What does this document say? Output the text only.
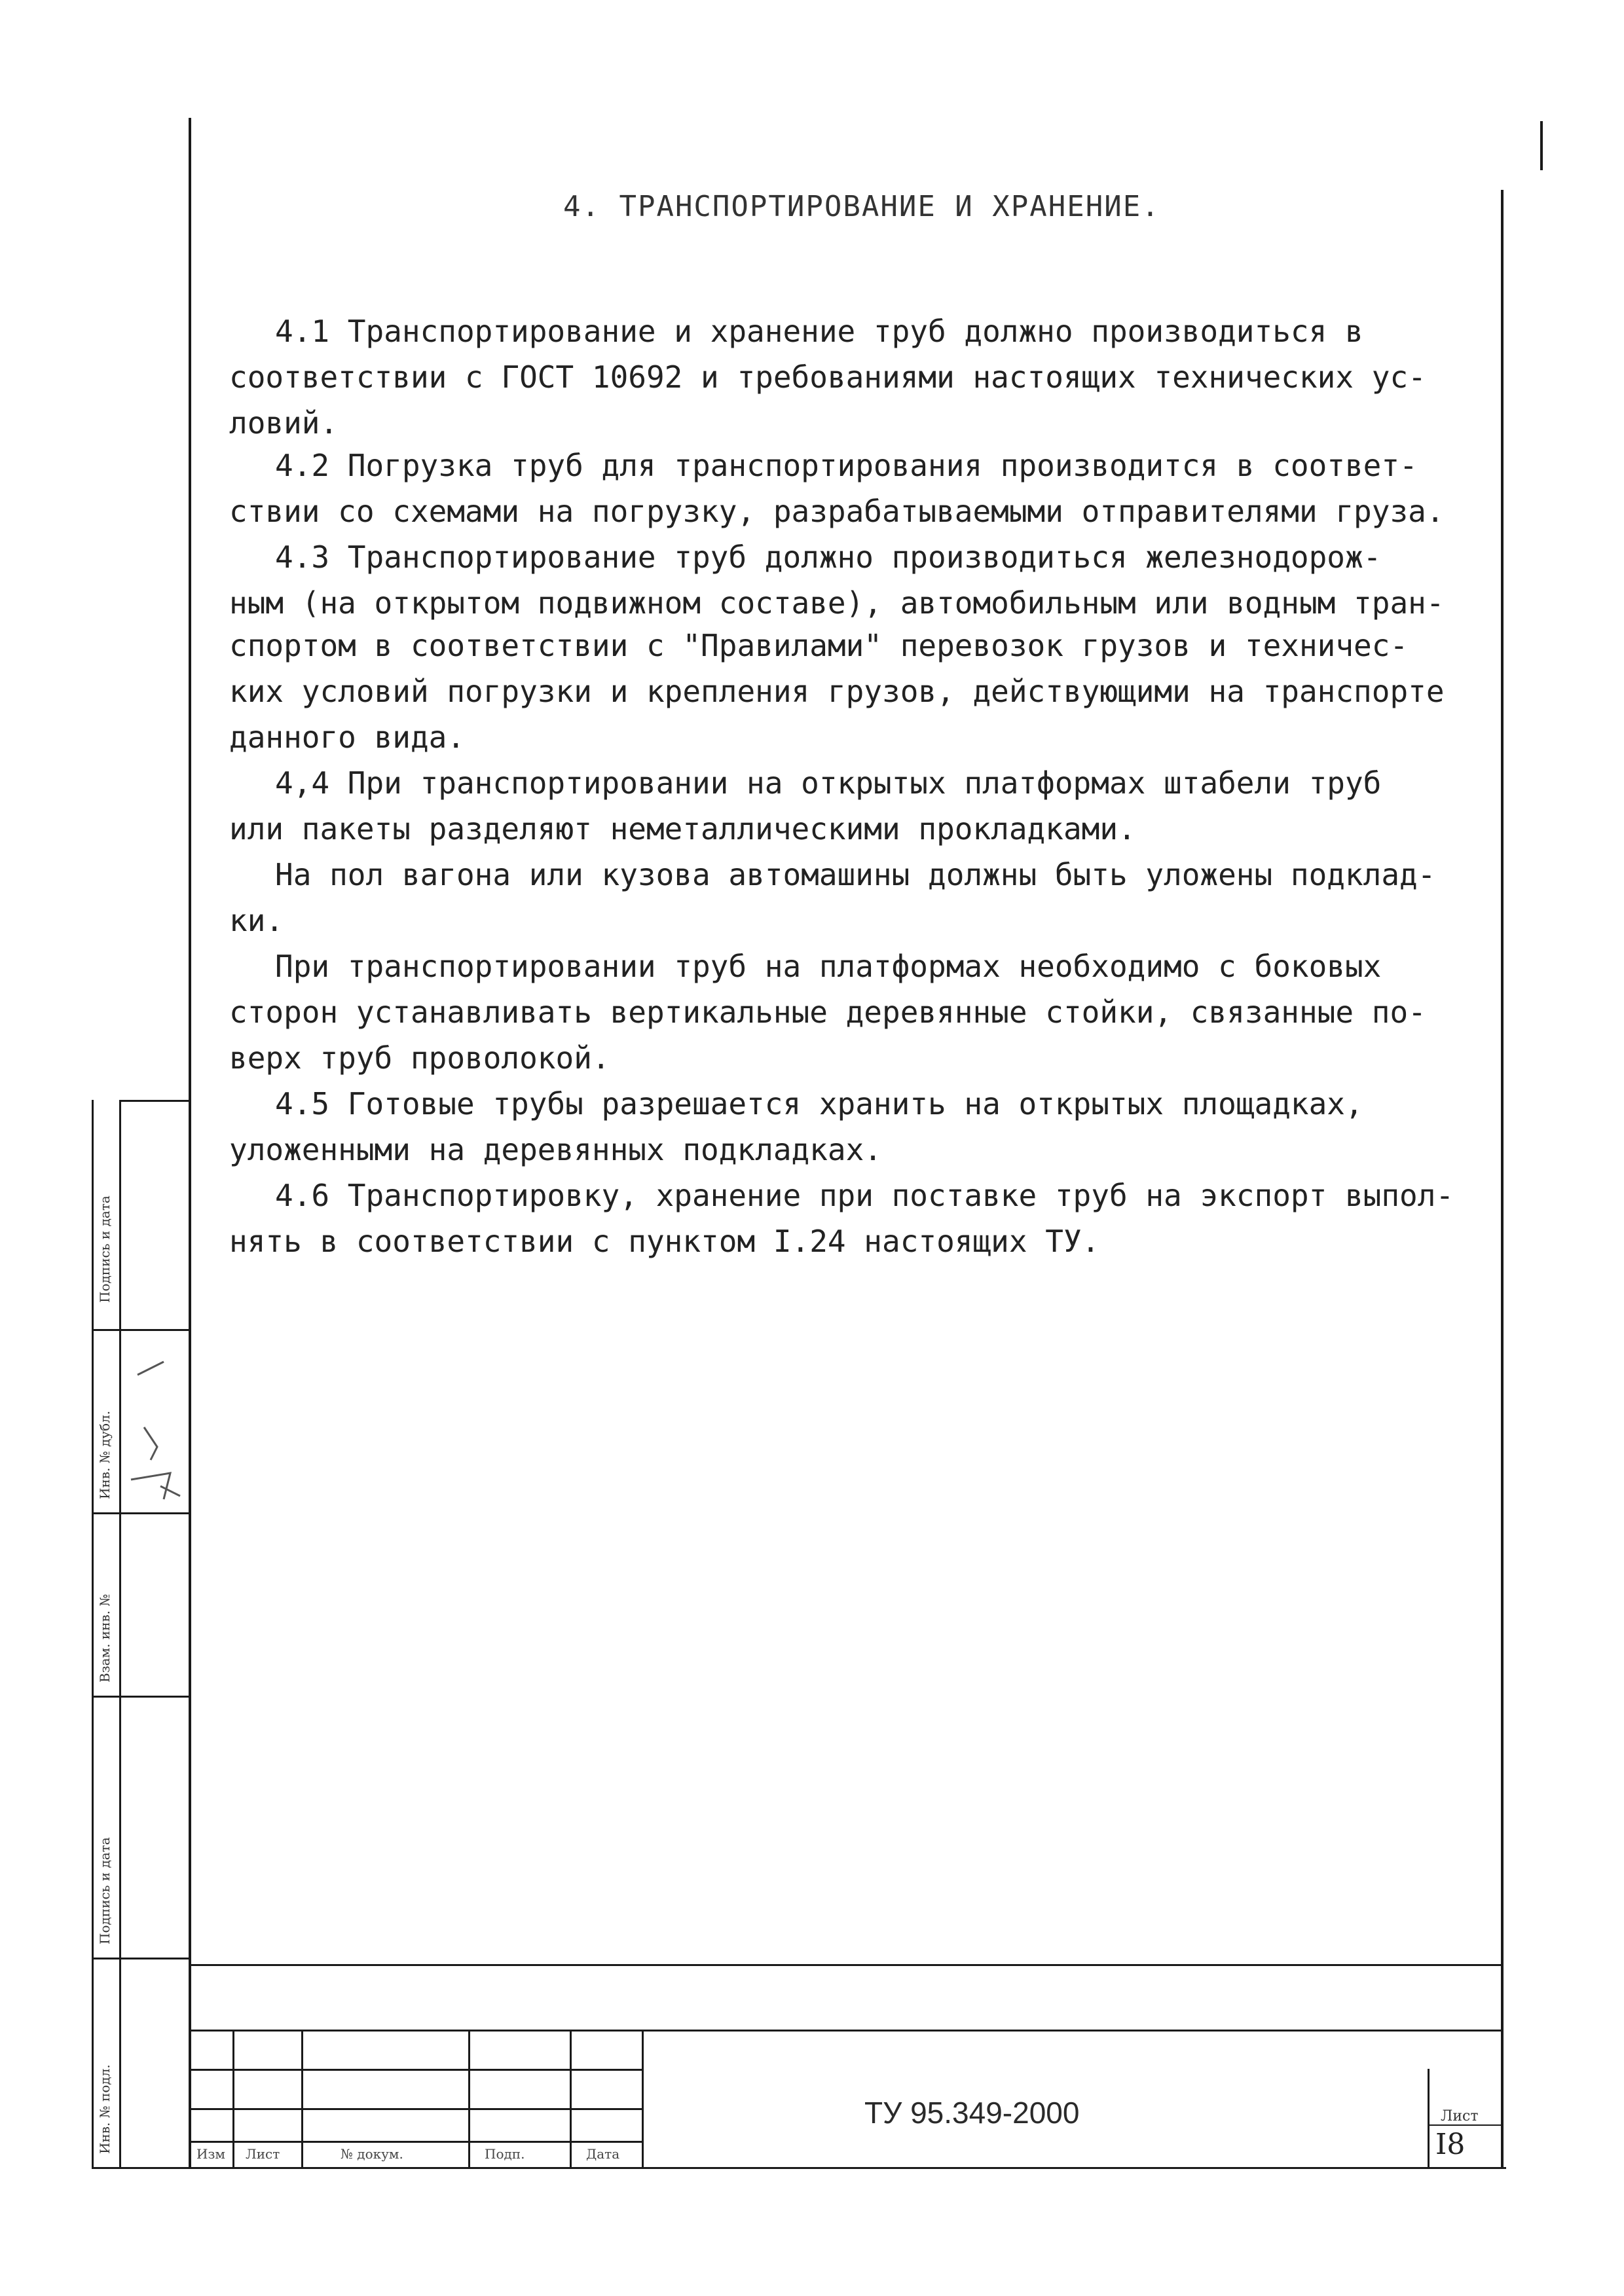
4. ТРАНСПОРТИРОВАНИЕ И ХРАНЕНИЕ.
4.1 Транспортирование и хранение труб должно производиться в
соответствии с ГОСТ 10692 и требованиями настоящих технических ус-
ловий.
4.2 Погрузка труб для транспортирования производится в соответ-
ствии со схемами на погрузку, разрабатываемыми отправителями груза.
4.3 Транспортирование труб должно производиться железнодорож-
ным (на открытом подвижном составе), автомобильным или водным тран-
спортом в соответствии с "Правилами" перевозок грузов и техничес-
ких условий погрузки и крепления грузов, действующими на транспорте
данного вида.
4,4 При транспортировании на открытых платформах штабели труб
или пакеты разделяют неметаллическими прокладками.
На пол вагона или кузова автомашины должны быть уложены подклад-
ки.
При транспортировании труб на платформах необходимо с боковых
сторон устанавливать вертикальные деревянные стойки, связанные по-
верх труб проволокой.
4.5 Готовые трубы разрешается хранить на открытых площадках,
уложенными на деревянных подкладках.
4.6 Транспортировку, хранение при поставке труб на экспорт выпол-
нять в соответствии с пунктом I.24 настоящих ТУ.
Подпись и дата
Инв. № дубл.
Взам. инв. №
Подпись и дата
Инв. № подл.	Изм Лист	№ докум.	Подп.	Дата
ТУ 95.349-2000	Лист
I8
